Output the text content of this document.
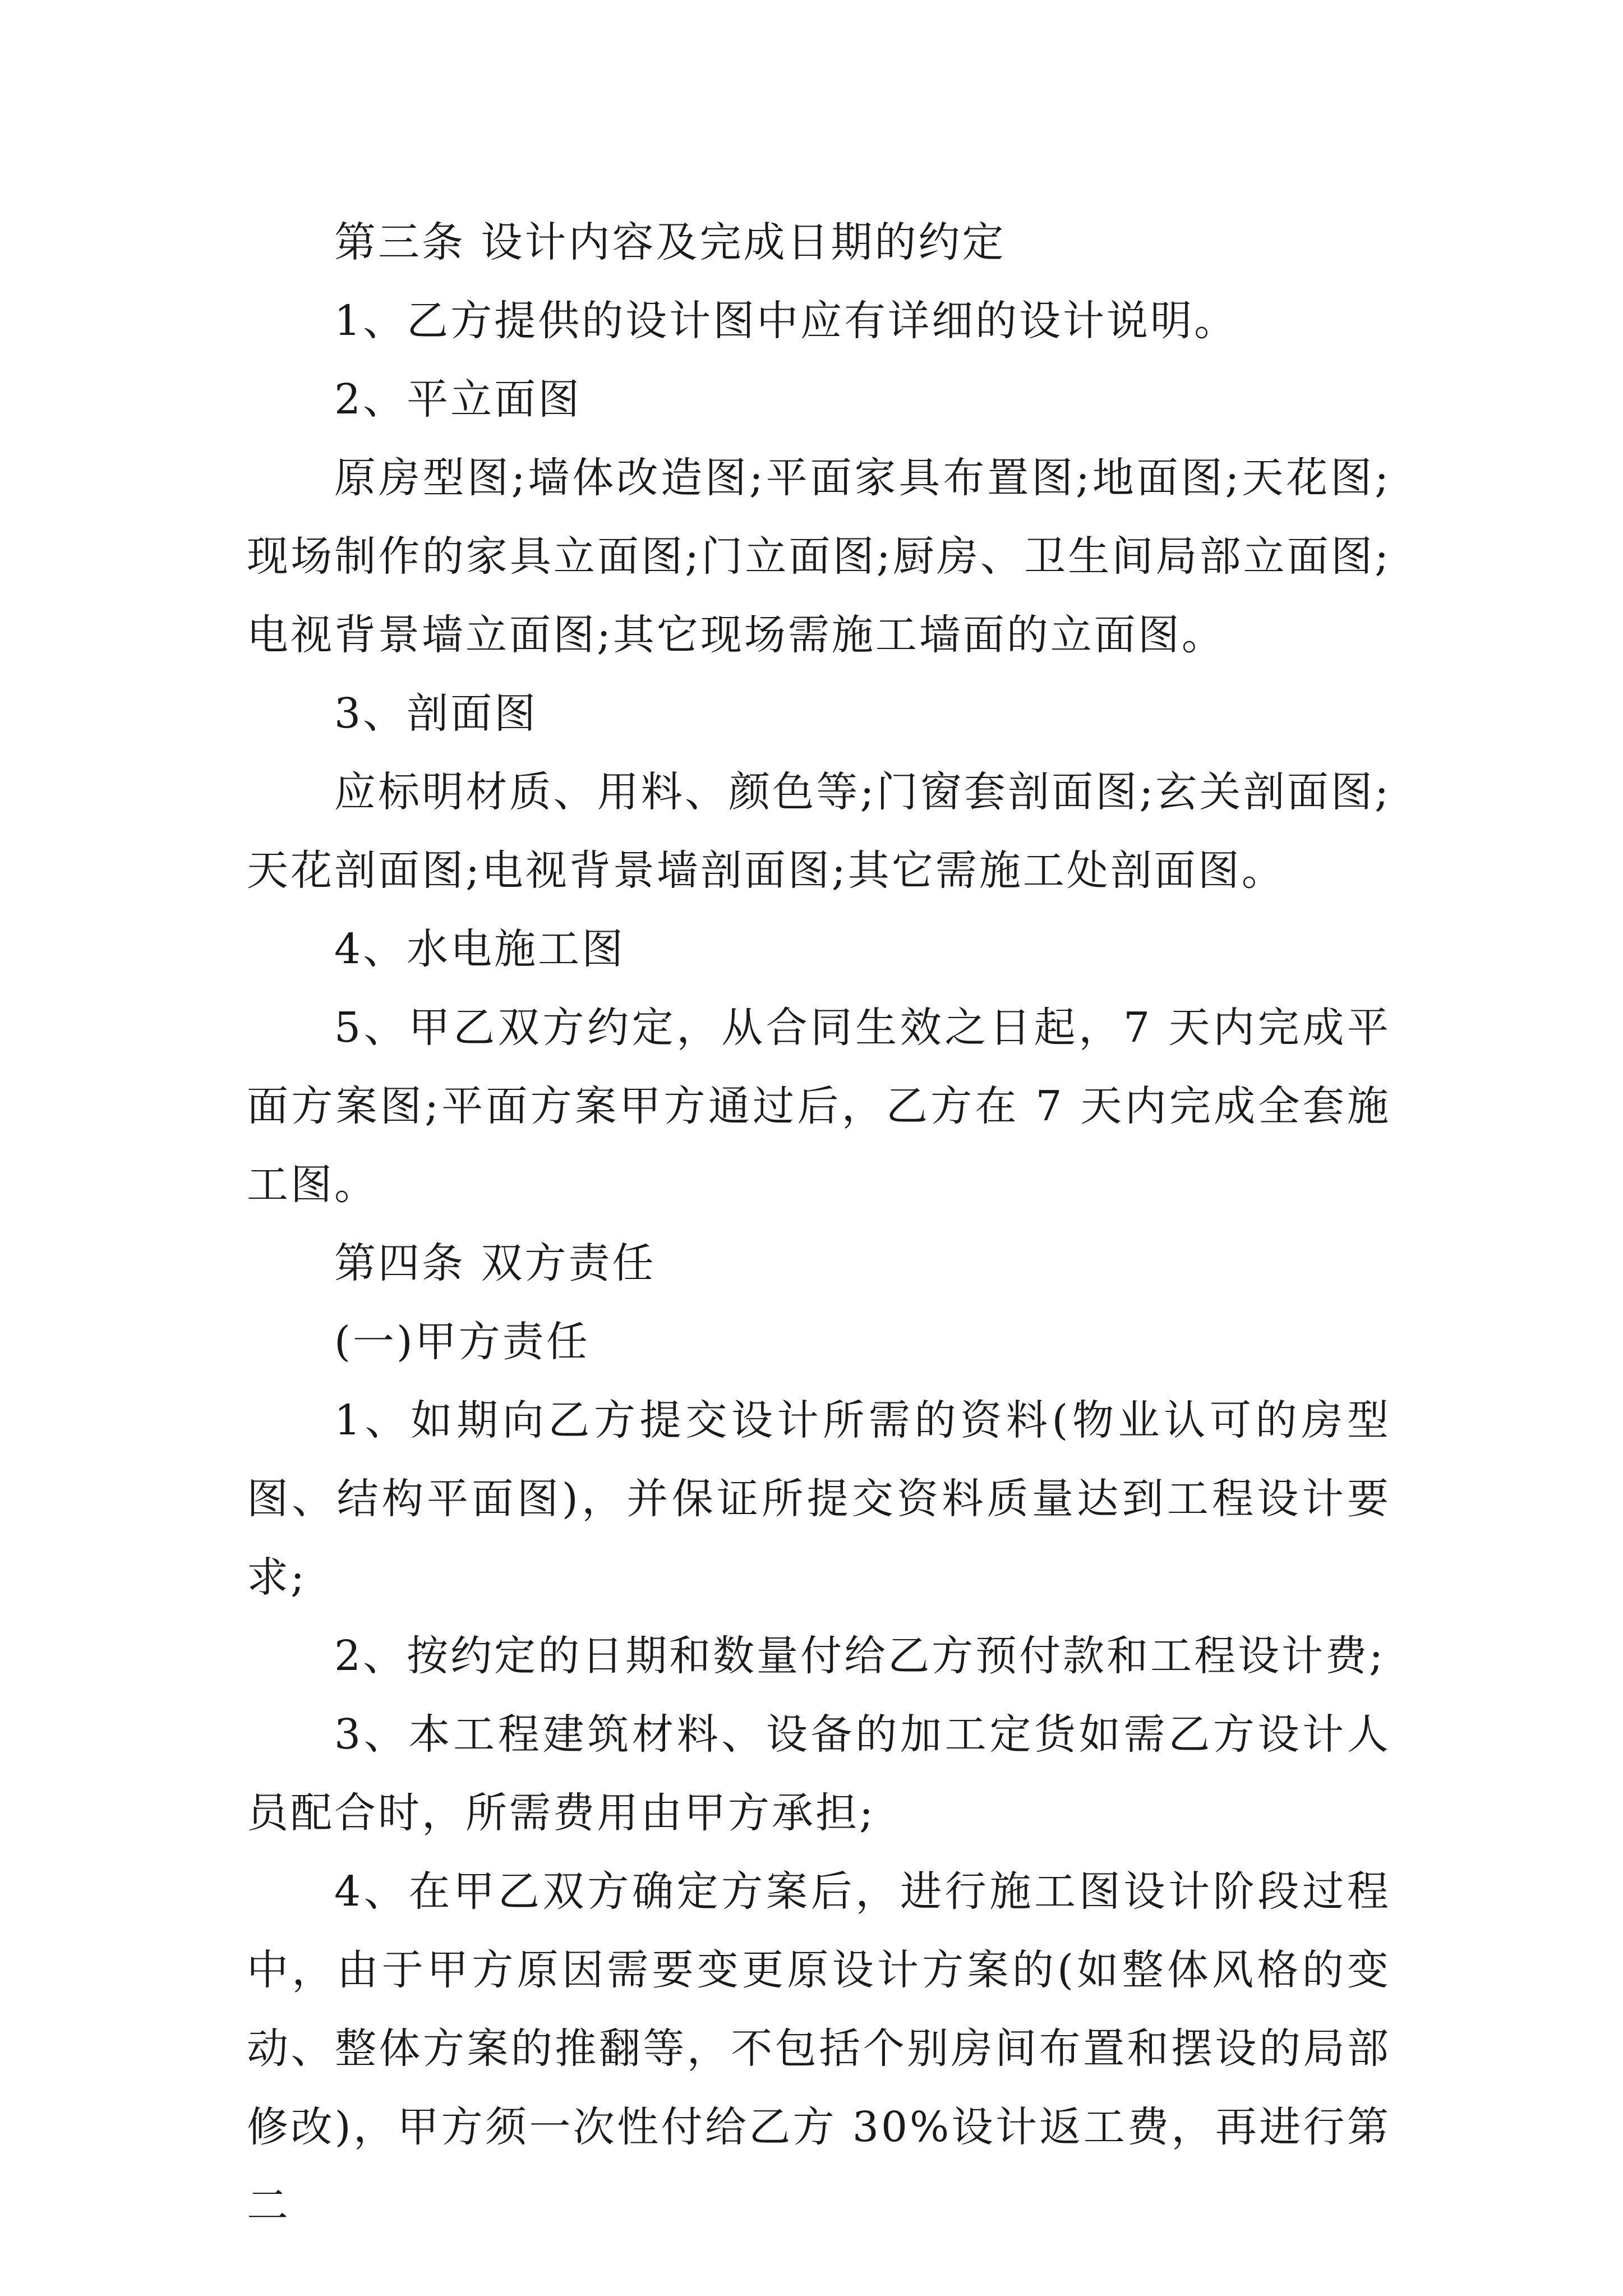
第三条 设计内容及完成日期的约定

1、乙方提供的设计图中应有详细的设计说明。

2、平立面图

原房型图;墙体改造图;平面家具布置图;地面图;天花图;现场制作的家具立面图;门立面图;厨房、卫生间局部立面图;电视背景墙立面图;其它现场需施工墙面的立面图。

3、剖面图

应标明材质、用料、颜色等;门窗套剖面图;玄关剖面图;天花剖面图;电视背景墙剖面图;其它需施工处剖面图。

4、水电施工图

5、甲乙双方约定，从合同生效之日起，7 天内完成平面方案图;平面方案甲方通过后，乙方在 7 天内完成全套施工图。

第四条 双方责任

(一)甲方责任

1、如期向乙方提交设计所需的资料(物业认可的房型图、结构平面图)，并保证所提交资料质量达到工程设计要求;

2、按约定的日期和数量付给乙方预付款和工程设计费;

3、本工程建筑材料、设备的加工定货如需乙方设计人员配合时，所需费用由甲方承担;

4、在甲乙双方确定方案后，进行施工图设计阶段过程中，由于甲方原因需要变更原设计方案的(如整体风格的变动、整体方案的推翻等，不包括个别房间布置和摆设的局部修改)，甲方须一次性付给乙方 30%设计返工费，再进行第二
